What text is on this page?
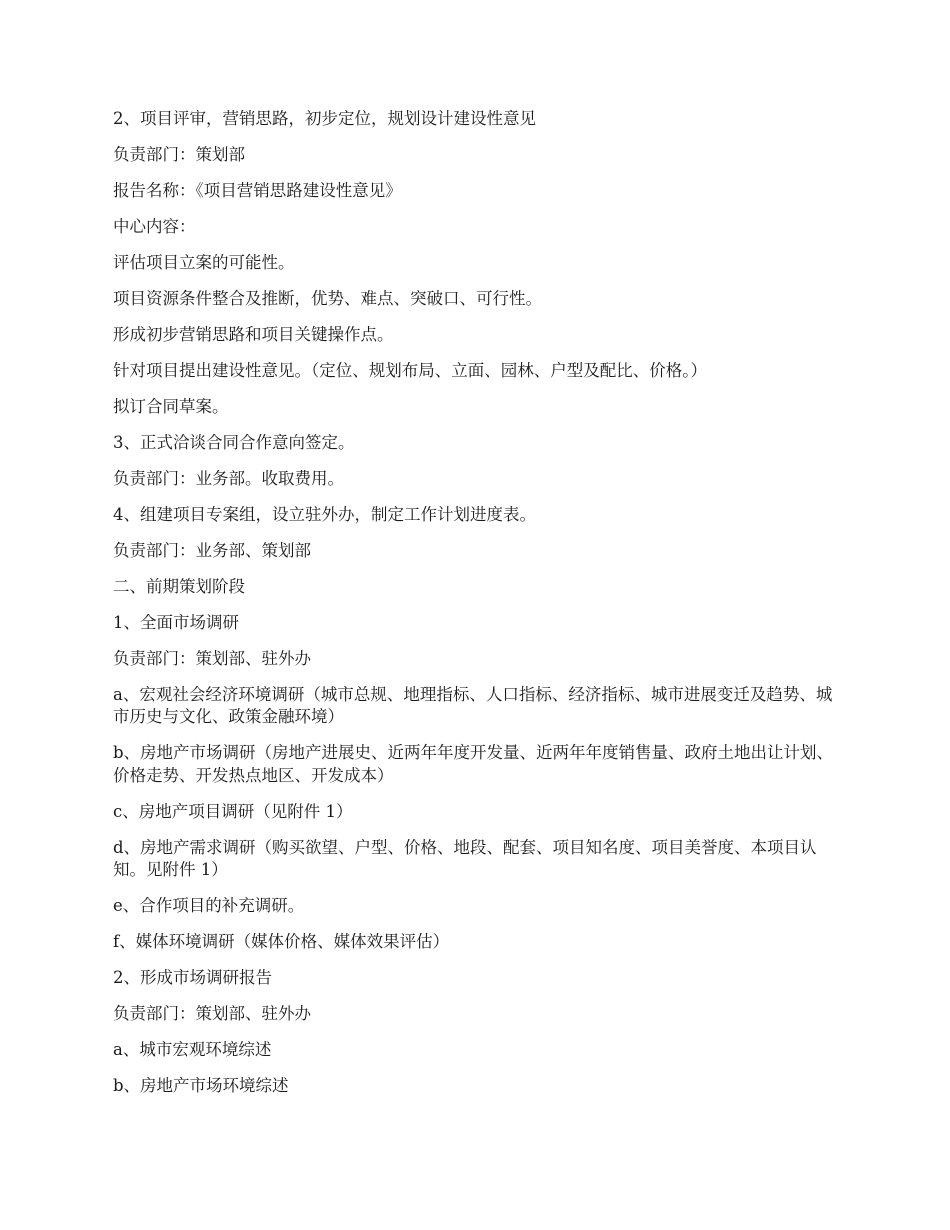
2、项目评审，营销思路，初步定位，规划设计建设性意见

负责部门：策划部

报告名称：《项目营销思路建设性意见》

中心内容：

评估项目立案的可能性。

项目资源条件整合及推断，优势、难点、突破口、可行性。

形成初步营销思路和项目关键操作点。

针对项目提出建设性意见。（定位、规划布局、立面、园林、户型及配比、价格。）

拟订合同草案。

3、正式洽谈合同合作意向签定。

负责部门：业务部。收取费用。

4、组建项目专案组，设立驻外办，制定工作计划进度表。

负责部门：业务部、策划部

二、前期策划阶段

1、全面市场调研

负责部门：策划部、驻外办

a、宏观社会经济环境调研（城市总规、地理指标、人口指标、经济指标、城市进展变迁及趋势、城市历史与文化、政策金融环境）

b、房地产市场调研（房地产进展史、近两年年度开发量、近两年年度销售量、政府土地出让计划、价格走势、开发热点地区、开发成本）

c、房地产项目调研（见附件 1）

d、房地产需求调研（购买欲望、户型、价格、地段、配套、项目知名度、项目美誉度、本项目认知。见附件 1）

e、合作项目的补充调研。

f、媒体环境调研（媒体价格、媒体效果评估）

2、形成市场调研报告

负责部门：策划部、驻外办

a、城市宏观环境综述

b、房地产市场环境综述
